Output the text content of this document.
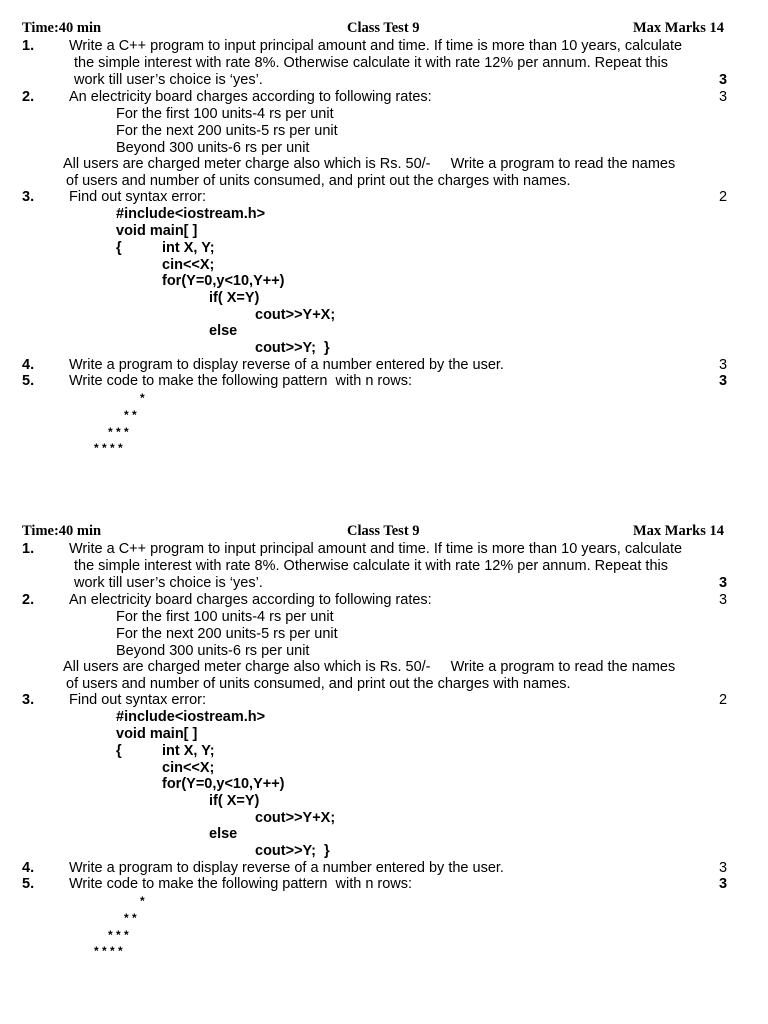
Time:40 min	Class Test 9	Max Marks 14
1. Write a C++ program to input principal amount and time. If time is more than 10 years, calculate
the simple interest with rate 8%. Otherwise calculate it with rate 12% per annum. Repeat this
work till user’s choice is ‘yes’.	3
2. An electricity board charges according to following rates:	3
For the first 100 units-4 rs per unit
For the next 200 units-5 rs per unit
Beyond 300 units-6 rs per unit
All users are charged meter charge also which is Rs. 50/-     Write a program to read the names
of users and number of units consumed, and print out the charges with names.
3. Find out syntax error:	2
#include<iostream.h>
void main[ ]
{	int X, Y;
cin<<X;
for(Y=0,y<10,Y++)
if( X=Y)
cout>>Y+X;
else
cout>>Y;  }
4. Write a program to display reverse of a number entered by the user.	3
5. Write code to make the following pattern  with n rows:	3
*
* *
* * *
* * * *
Time:40 min	Class Test 9	Max Marks 14
1. Write a C++ program to input principal amount and time. If time is more than 10 years, calculate
the simple interest with rate 8%. Otherwise calculate it with rate 12% per annum. Repeat this
work till user’s choice is ‘yes’.	3
2. An electricity board charges according to following rates:	3
For the first 100 units-4 rs per unit
For the next 200 units-5 rs per unit
Beyond 300 units-6 rs per unit
All users are charged meter charge also which is Rs. 50/-     Write a program to read the names
of users and number of units consumed, and print out the charges with names.
3. Find out syntax error:	2
#include<iostream.h>
void main[ ]
{	int X, Y;
cin<<X;
for(Y=0,y<10,Y++)
if( X=Y)
cout>>Y+X;
else
cout>>Y;  }
4. Write a program to display reverse of a number entered by the user.	3
5. Write code to make the following pattern  with n rows:	3
*
* *
* * *
* * * *
